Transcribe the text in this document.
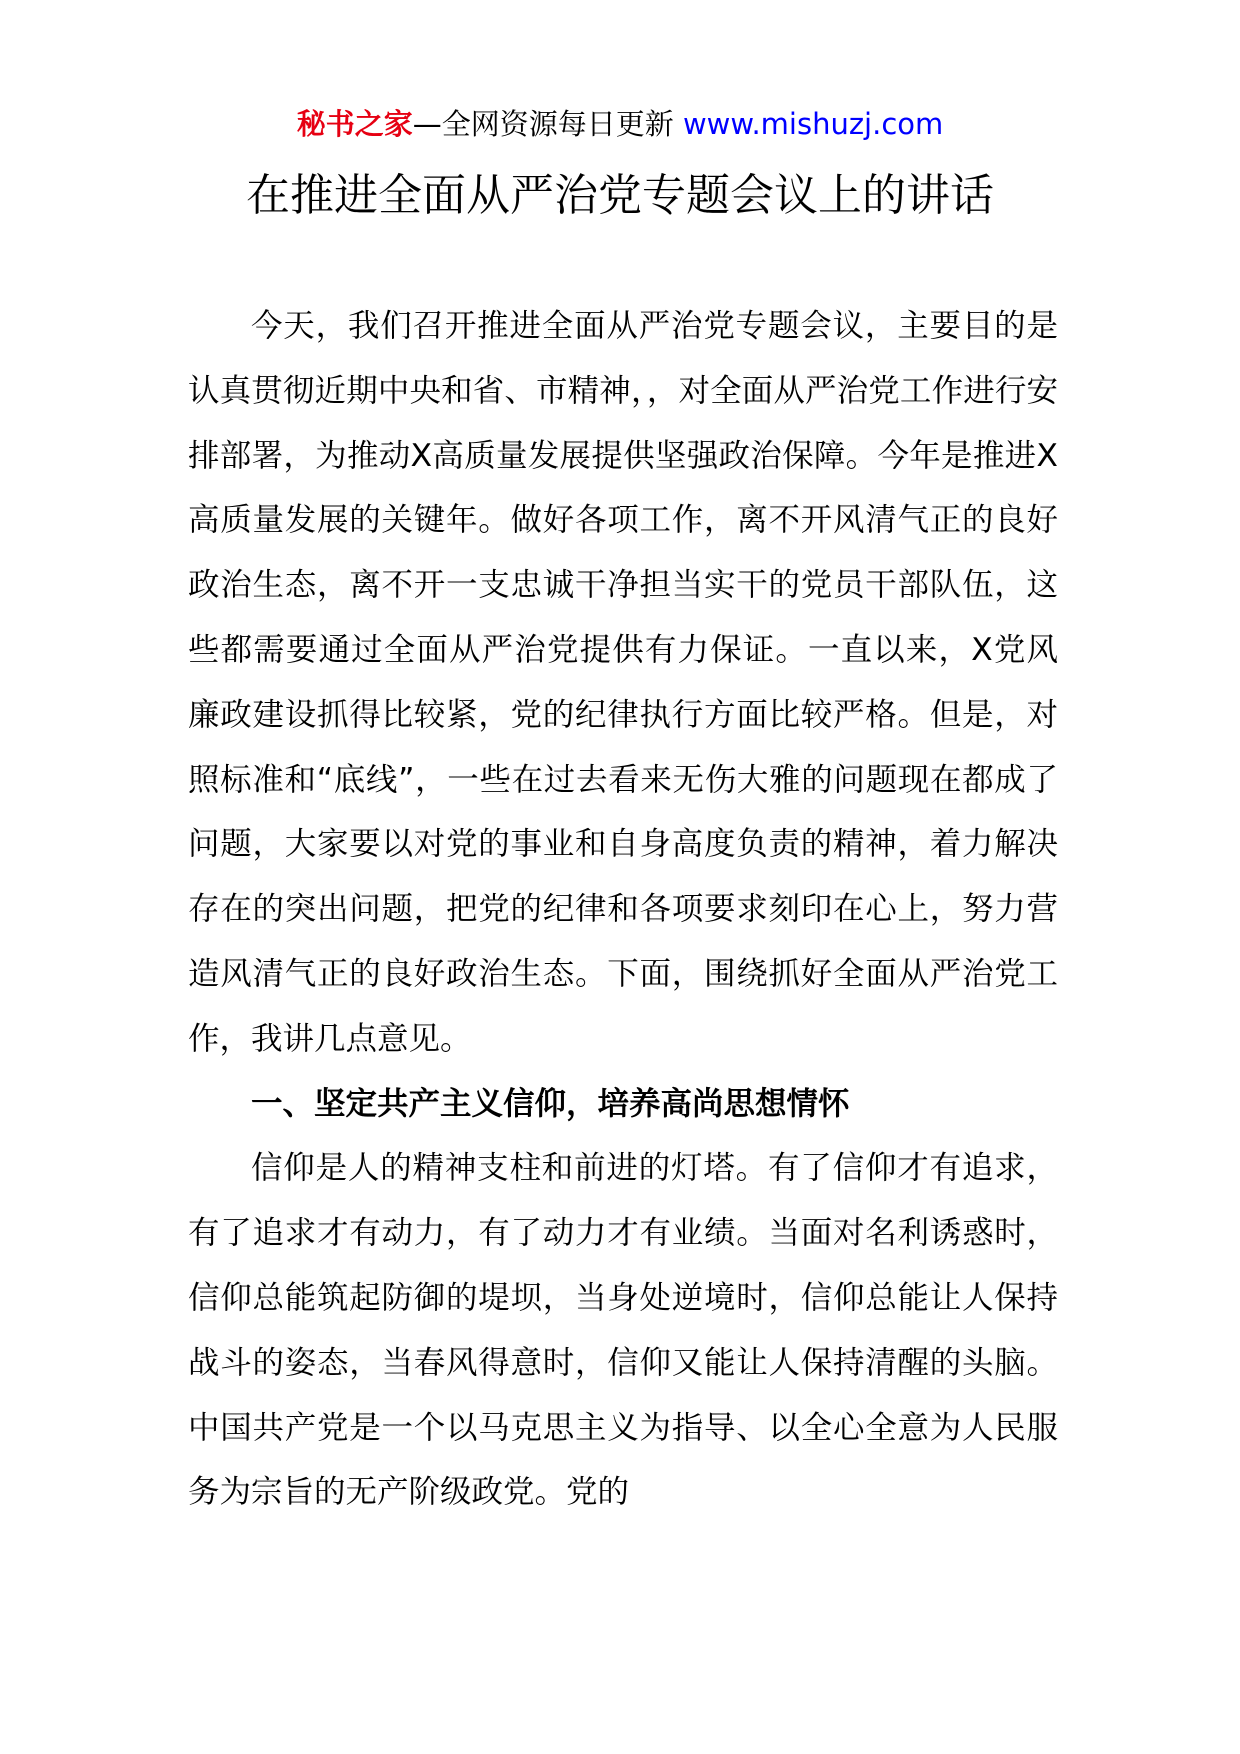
秘书之家—全网资源每日更新 www.mishuzj.com
在推进全面从严治党专题会议上的讲话

今天，我们召开推进全面从严治党专题会议，主要目的是认真贯彻近期中央和省、市精神，，对全面从严治党工作进行安排部署，为推动X高质量发展提供坚强政治保障。今年是推进X高质量发展的关键年。做好各项工作，离不开风清气正的良好政治生态，离不开一支忠诚干净担当实干的党员干部队伍，这些都需要通过全面从严治党提供有力保证。一直以来，X党风廉政建设抓得比较紧，党的纪律执行方面比较严格。但是，对照标准和“底线”，一些在过去看来无伤大雅的问题现在都成了问题，大家要以对党的事业和自身高度负责的精神，着力解决存在的突出问题，把党的纪律和各项要求刻印在心上，努力营造风清气正的良好政治生态。下面，围绕抓好全面从严治党工作，我讲几点意见。

一、坚定共产主义信仰，培养高尚思想情怀

信仰是人的精神支柱和前进的灯塔。有了信仰才有追求，有了追求才有动力，有了动力才有业绩。当面对名利诱惑时，信仰总能筑起防御的堤坝，当身处逆境时，信仰总能让人保持战斗的姿态，当春风得意时，信仰又能让人保持清醒的头脑。中国共产党是一个以马克思主义为指导、以全心全意为人民服务为宗旨的无产阶级政党。党的
